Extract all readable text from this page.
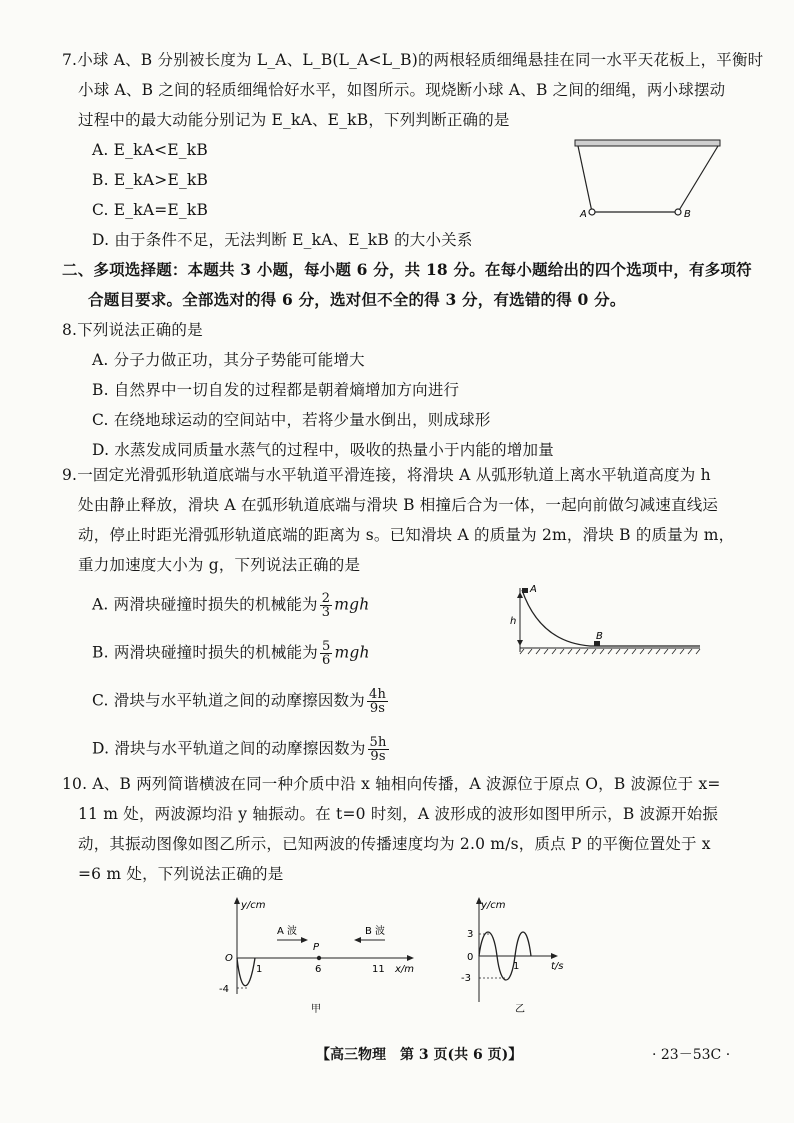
7.小球 A、B 分别被长度为 L_A、L_B(L_A<L_B)的两根轻质细绳悬挂在同一水平天花板上，平衡时
小球 A、B 之间的轻质细绳恰好水平，如图所示。现烧断小球 A、B 之间的细绳，两小球摆动
过程中的最大动能分别记为 E_kA、E_kB，下列判断正确的是
A. E_kA<E_kB
B. E_kA>E_kB
C. E_kA=E_kB
D. 由于条件不足，无法判断 E_kA、E_kB 的大小关系
A	B
二、多项选择题：本题共 3 小题，每小题 6 分，共 18 分。在每小题给出的四个选项中，有多项符
合题目要求。全部选对的得 6 分，选对但不全的得 3 分，有选错的得 0 分。
8.下列说法正确的是
A. 分子力做正功，其分子势能可能增大
B. 自然界中一切自发的过程都是朝着熵增加方向进行
C. 在绕地球运动的空间站中，若将少量水倒出，则成球形
D. 水蒸发成同质量水蒸气的过程中，吸收的热量小于内能的增加量
9.一固定光滑弧形轨道底端与水平轨道平滑连接，将滑块 A 从弧形轨道上离水平轨道高度为 h
处由静止释放，滑块 A 在弧形轨道底端与滑块 B 相撞后合为一体，一起向前做匀减速直线运
动，停止时距光滑弧形轨道底端的距离为 s。已知滑块 A 的质量为 2m，滑块 B 的质量为 m，
重力加速度大小为 g，下列说法正确的是
A. 两滑块碰撞时损失的机械能为 $\frac{2}{3}$ mgh
B. 两滑块碰撞时损失的机械能为 $\frac{5}{6}$ mgh
C. 滑块与水平轨道之间的动摩擦因数为 $\frac{4h}{9s}$
D. 滑块与水平轨道之间的动摩擦因数为 $\frac{5h}{9s}$
A
B
h
10. A、B 两列简谐横波在同一种介质中沿 x 轴相向传播，A 波源位于原点 O，B 波源位于 x=
11 m 处，两波源均沿 y 轴振动。在 t=0 时刻，A 波形成的波形如图甲所示，B 波源开始振
动，其振动图像如图乙所示，已知两波的传播速度均为 2.0 m/s，质点 P 的平衡位置处于 x
=6 m 处，下列说法正确的是
y/cm
x/m
O
1	6	11
-4
A 波	B 波
P
甲
y/cm
t/s
3
0
-3
1
乙
【高三物理　第 3 页(共 6 页)】	· 23－53C ·
